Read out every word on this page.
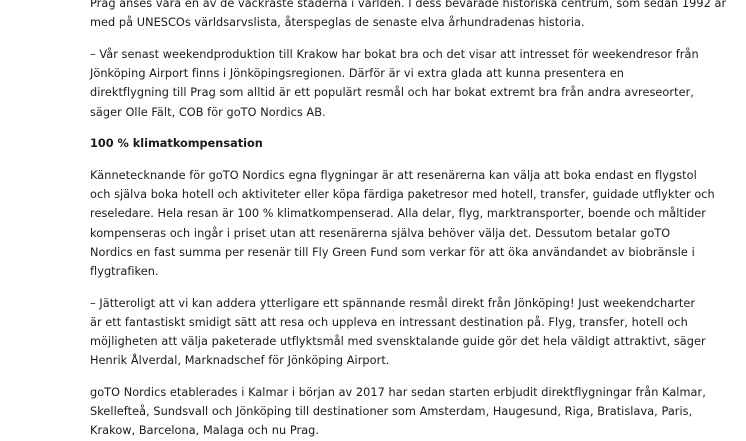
Prag anses vara en av de vackraste städerna i världen. I dess bevarade historiska centrum, som sedan 1992 är
med på UNESCOs världsarvslista, återspeglas de senaste elva århundradenas historia.

– Vår senast weekendproduktion till Krakow har bokat bra och det visar att intresset för weekendresor från
Jönköping Airport finns i Jönköpingsregionen. Därför är vi extra glada att kunna presentera en
direktflygning till Prag som alltid är ett populärt resmål och har bokat extremt bra från andra avreseorter,
säger Olle Fält, COB för goTO Nordics AB.

100 % klimatkompensation

Kännetecknande för goTO Nordics egna flygningar är att resenärerna kan välja att boka endast en flygstol
och själva boka hotell och aktiviteter eller köpa färdiga paketresor med hotell, transfer, guidade utflykter och
reseledare. Hela resan är 100 % klimatkompenserad. Alla delar, flyg, marktransporter, boende och måltider
kompenseras och ingår i priset utan att resenärerna själva behöver välja det. Dessutom betalar goTO
Nordics en fast summa per resenär till Fly Green Fund som verkar för att öka användandet av biobränsle i
flygtrafiken.

– Jätteroligt att vi kan addera ytterligare ett spännande resmål direkt från Jönköping! Just weekendcharter
är ett fantastiskt smidigt sätt att resa och uppleva en intressant destination på. Flyg, transfer, hotell och
möjligheten att välja paketerade utflyktsmål med svensktalande guide gör det hela väldigt attraktivt, säger
Henrik Ålverdal, Marknadschef för Jönköping Airport.

goTO Nordics etablerades i Kalmar i början av 2017 har sedan starten erbjudit direktflygningar från Kalmar,
Skellefteå, Sundsvall och Jönköping till destinationer som Amsterdam, Haugesund, Riga, Bratislava, Paris,
Krakow, Barcelona, Malaga och nu Prag.
